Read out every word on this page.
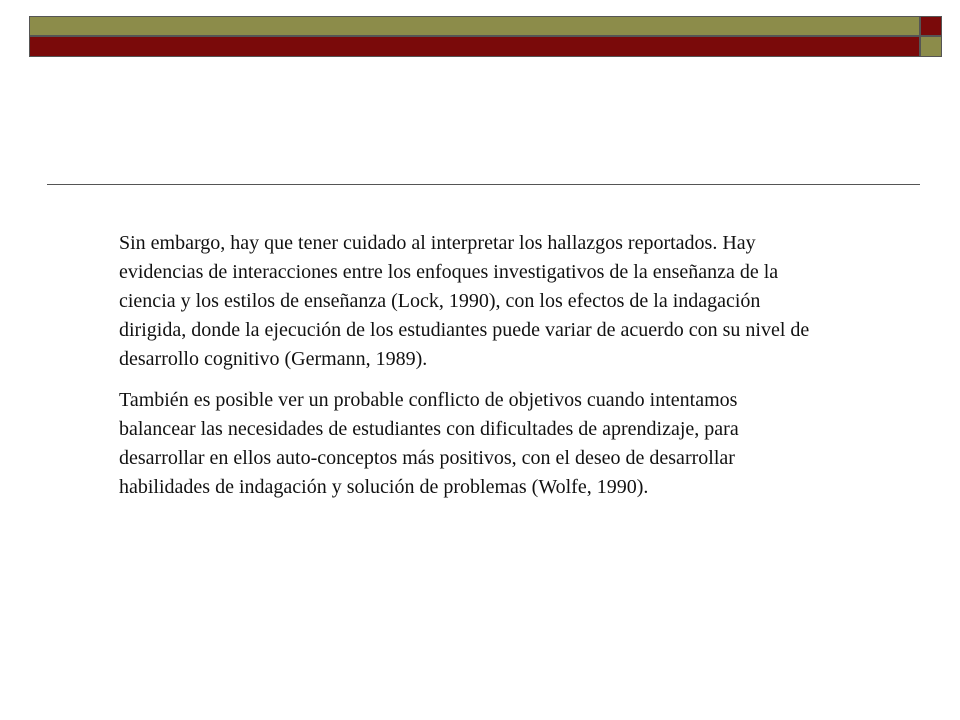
Sin embargo, hay que tener cuidado al interpretar los hallazgos reportados. Hay evidencias de interacciones entre los enfoques investigativos de la enseñanza de la ciencia y los estilos de enseñanza (Lock, 1990), con los efectos de la indagación dirigida, donde la ejecución de los estudiantes puede variar de acuerdo con su nivel de desarrollo cognitivo (Germann, 1989).

También es posible ver un probable conflicto de objetivos cuando intentamos balancear las necesidades de estudiantes con dificultades de aprendizaje, para desarrollar en ellos auto-conceptos más positivos, con el deseo de desarrollar habilidades de indagación y solución de problemas (Wolfe, 1990).
